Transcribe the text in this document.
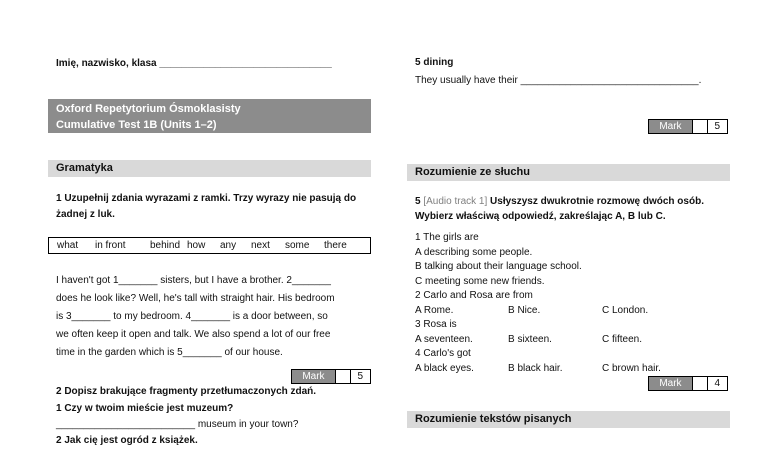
Imię, nazwisko, klasa _______________________________
Oxford Repetytorium Ósmoklasisty
Cumulative Test 1B (Units 1–2)
Gramatyka
1 Uzupełnij zdania wyrazami z ramki. Trzy wyrazy nie pasują do
żadnej z luk.
what in front behind how any next some there
I haven't got 1_______ sisters, but I have a brother. 2_______
does he look like? Well, he's tall with straight hair. His bedroom
is 3_______ to my bedroom. 4_______ is a door between, so
we often keep it open and talk. We also spend a lot of our free
time in the garden which is 5_______ of our house.
Mark	5
2 Dopisz brakujące fragmenty przetłumaczonych zdań.
1 Czy w twoim mieście jest muzeum?
_________________________ museum in your town?
2 Jak cię jest ogród z książek.
5 dining
They usually have their ________________________________.
Mark	5
Rozumienie ze słuchu
5 [Audio track 1] Usłyszysz dwukrotnie rozmowę dwóch osób.
Wybierz właściwą odpowiedź, zakreślając A, B lub C.
1 The girls are
A describing some people.
B talking about their language school.
C meeting some new friends.
2 Carlo and Rosa are from
A Rome.	B Nice.	C London.
3 Rosa is
A seventeen.	B sixteen.	C fifteen.
4 Carlo's got
A black eyes.	B black hair.	C brown hair.
Mark	4
Rozumienie tekstów pisanych
